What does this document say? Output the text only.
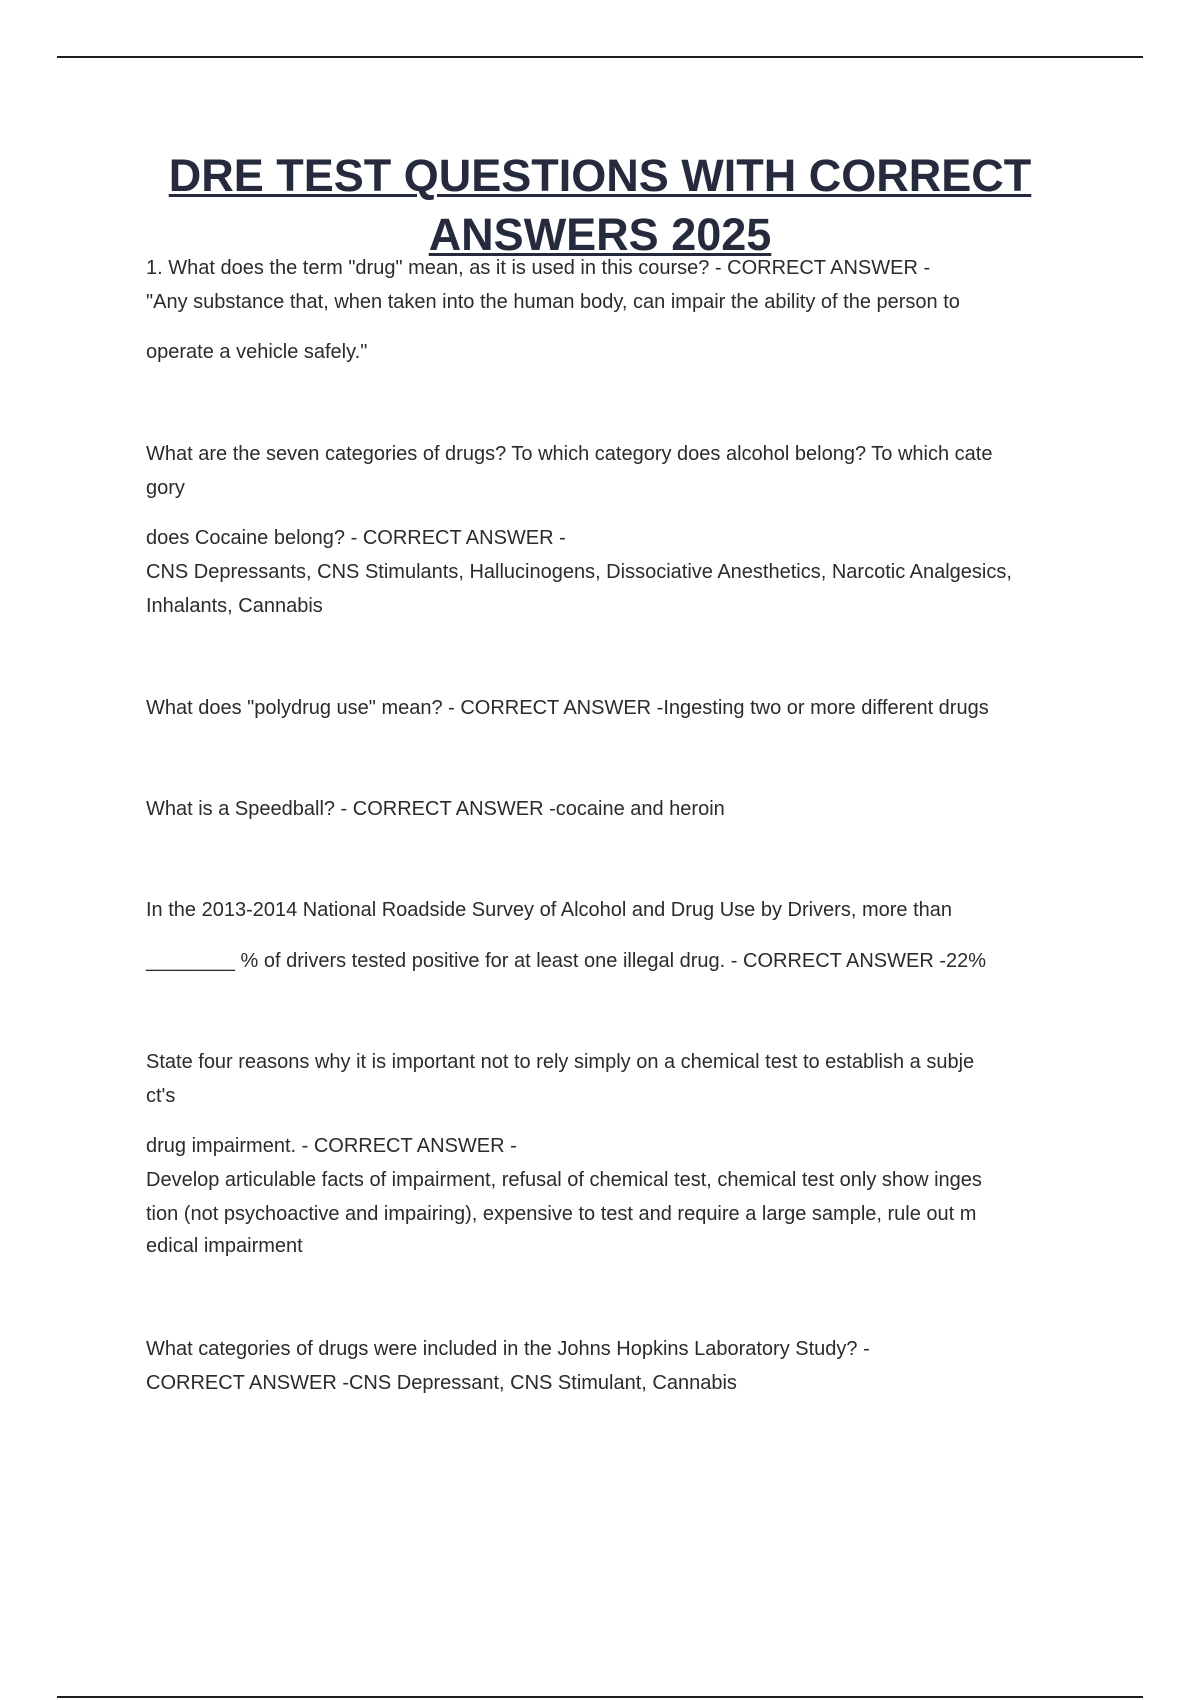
DRE TEST QUESTIONS WITH CORRECT
ANSWERS 2025
1. What does the term "drug" mean, as it is used in this course? - CORRECT ANSWER -
"Any substance that, when taken into the human body, can impair the ability of the person to
operate a vehicle safely."
What are the seven categories of drugs? To which category does alcohol belong? To which cate
gory
does Cocaine belong? - CORRECT ANSWER -
CNS Depressants, CNS Stimulants, Hallucinogens, Dissociative Anesthetics, Narcotic Analgesics,
Inhalants, Cannabis
What does "polydrug use" mean? - CORRECT ANSWER -Ingesting two or more different drugs
What is a Speedball? - CORRECT ANSWER -cocaine and heroin
In the 2013-2014 National Roadside Survey of Alcohol and Drug Use by Drivers, more than
________ % of drivers tested positive for at least one illegal drug. - CORRECT ANSWER -22%
State four reasons why it is important not to rely simply on a chemical test to establish a subje
ct's
drug impairment. - CORRECT ANSWER -
Develop articulable facts of impairment, refusal of chemical test, chemical test only show inges
tion (not psychoactive and impairing), expensive to test and require a large sample, rule out m
edical impairment
What categories of drugs were included in the Johns Hopkins Laboratory Study? -
CORRECT ANSWER -CNS Depressant, CNS Stimulant, Cannabis
